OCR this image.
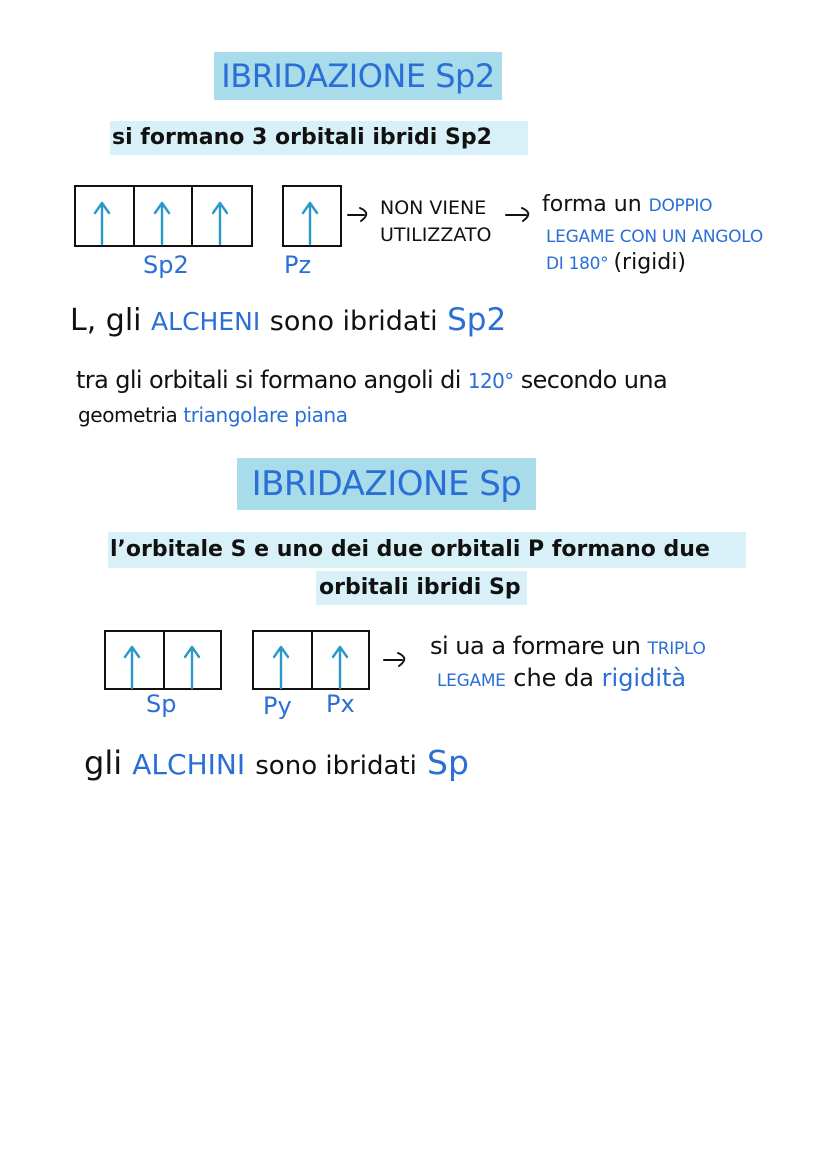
IBRIDAZIONE Sp2
si formano 3 orbitali ibridi Sp2
Sp2	Pz
NON VIENE
UTILIZZATO
forma un DOPPIO
LEGAME CON UN ANGOLO
DI 180° (rigidi)
L, gli ALCHENI sono ibridati Sp2
tra gli orbitali si formano angoli di 120° secondo una
geometria triangolare piana
IBRIDAZIONE Sp
l’orbitale S e uno dei due orbitali P formano due
orbitali ibridi Sp
Sp	Py Px
si ua a formare un TRIPLO
LEGAME che da rigidità
gli ALCHINI sono ibridati Sp
